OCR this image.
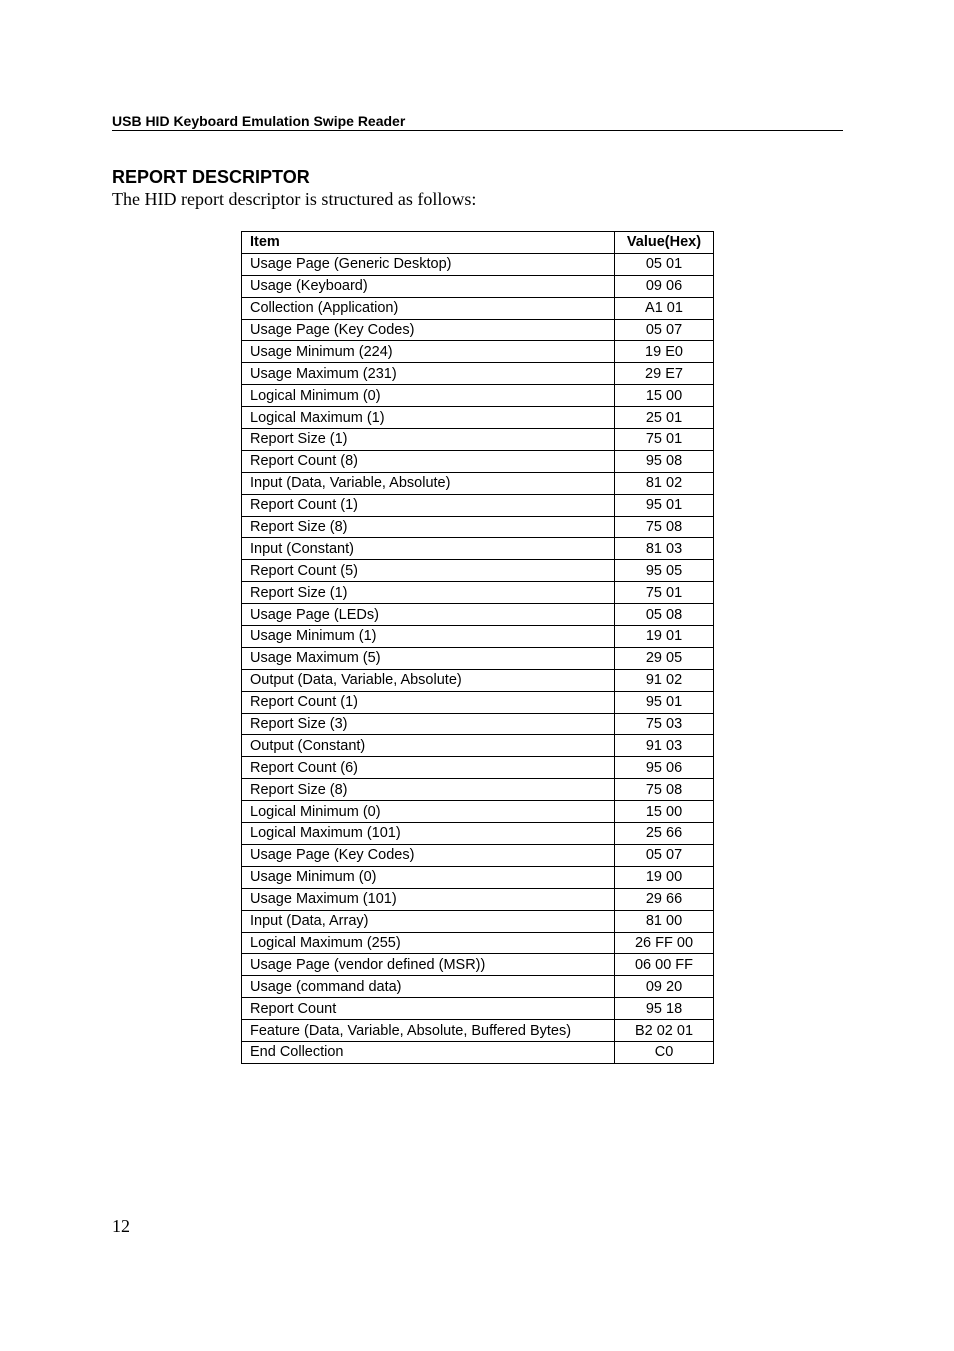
USB HID Keyboard Emulation Swipe Reader
REPORT DESCRIPTOR

The HID report descriptor is structured as follows:

Item	Value(Hex)
Usage Page (Generic Desktop)	05 01
Usage (Keyboard)	09 06
Collection (Application)	A1 01
Usage Page (Key Codes)	05 07
Usage Minimum (224)	19 E0
Usage Maximum (231)	29 E7
Logical Minimum (0)	15 00
Logical Maximum (1)	25 01
Report Size (1)	75 01
Report Count (8)	95 08
Input (Data, Variable, Absolute)	81 02
Report Count (1)	95 01
Report Size (8)	75 08
Input (Constant)	81 03
Report Count (5)	95 05
Report Size (1)	75 01
Usage Page (LEDs)	05 08
Usage Minimum (1)	19 01
Usage Maximum (5)	29 05
Output (Data, Variable, Absolute)	91 02
Report Count (1)	95 01
Report Size (3)	75 03
Output (Constant)	91 03
Report Count (6)	95 06
Report Size (8)	75 08
Logical Minimum (0)	15 00
Logical Maximum (101)	25 66
Usage Page (Key Codes)	05 07
Usage Minimum (0)	19 00
Usage Maximum (101)	29 66
Input (Data, Array)	81 00
Logical Maximum (255)	26 FF 00
Usage Page (vendor defined (MSR))	06 00 FF
Usage (command data)	09 20
Report Count	95 18
Feature (Data, Variable, Absolute, Buffered Bytes)	B2 02 01
End Collection	C0
12
